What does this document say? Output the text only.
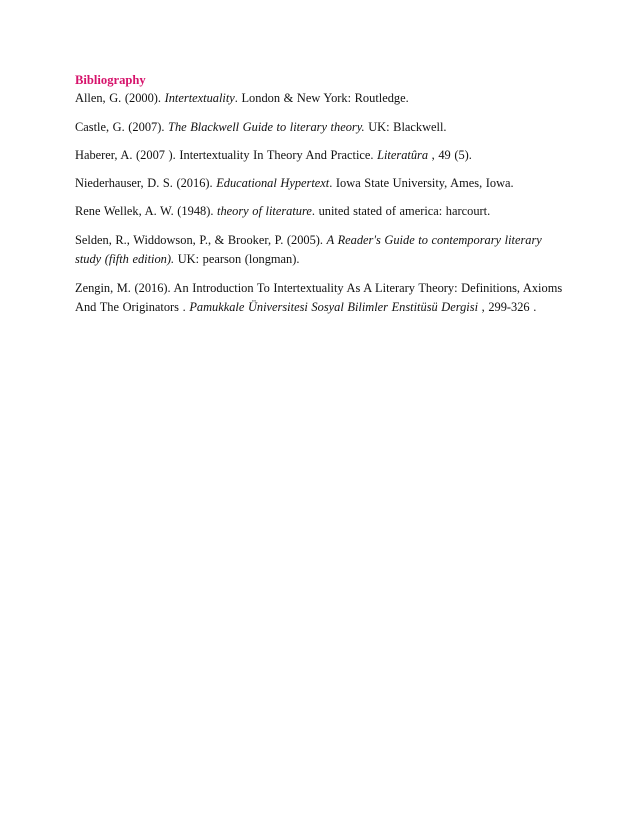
Bibliography
Allen, G. (2000). Intertextuality. London & New York: Routledge.
Castle, G. (2007). The Blackwell Guide to literary theory. UK: Blackwell.
Haberer, A. (2007 ). Intertextuality In Theory And Practice. Literatûra , 49 (5).
Niederhauser, D. S. (2016). Educational Hypertext. Iowa State University, Ames, Iowa.
Rene Wellek, A. W. (1948). theory of literature. united stated of america: harcourt.
Selden, R., Widdowson, P., & Brooker, P. (2005). A Reader's Guide to contemporary literary study (fifth edition). UK: pearson (longman).
Zengin, M. (2016). An Introduction To Intertextuality As A Literary Theory: Definitions, Axioms And The Originators . Pamukkale Üniversitesi Sosyal Bilimler Enstitüsü Dergisi , 299-326 .
